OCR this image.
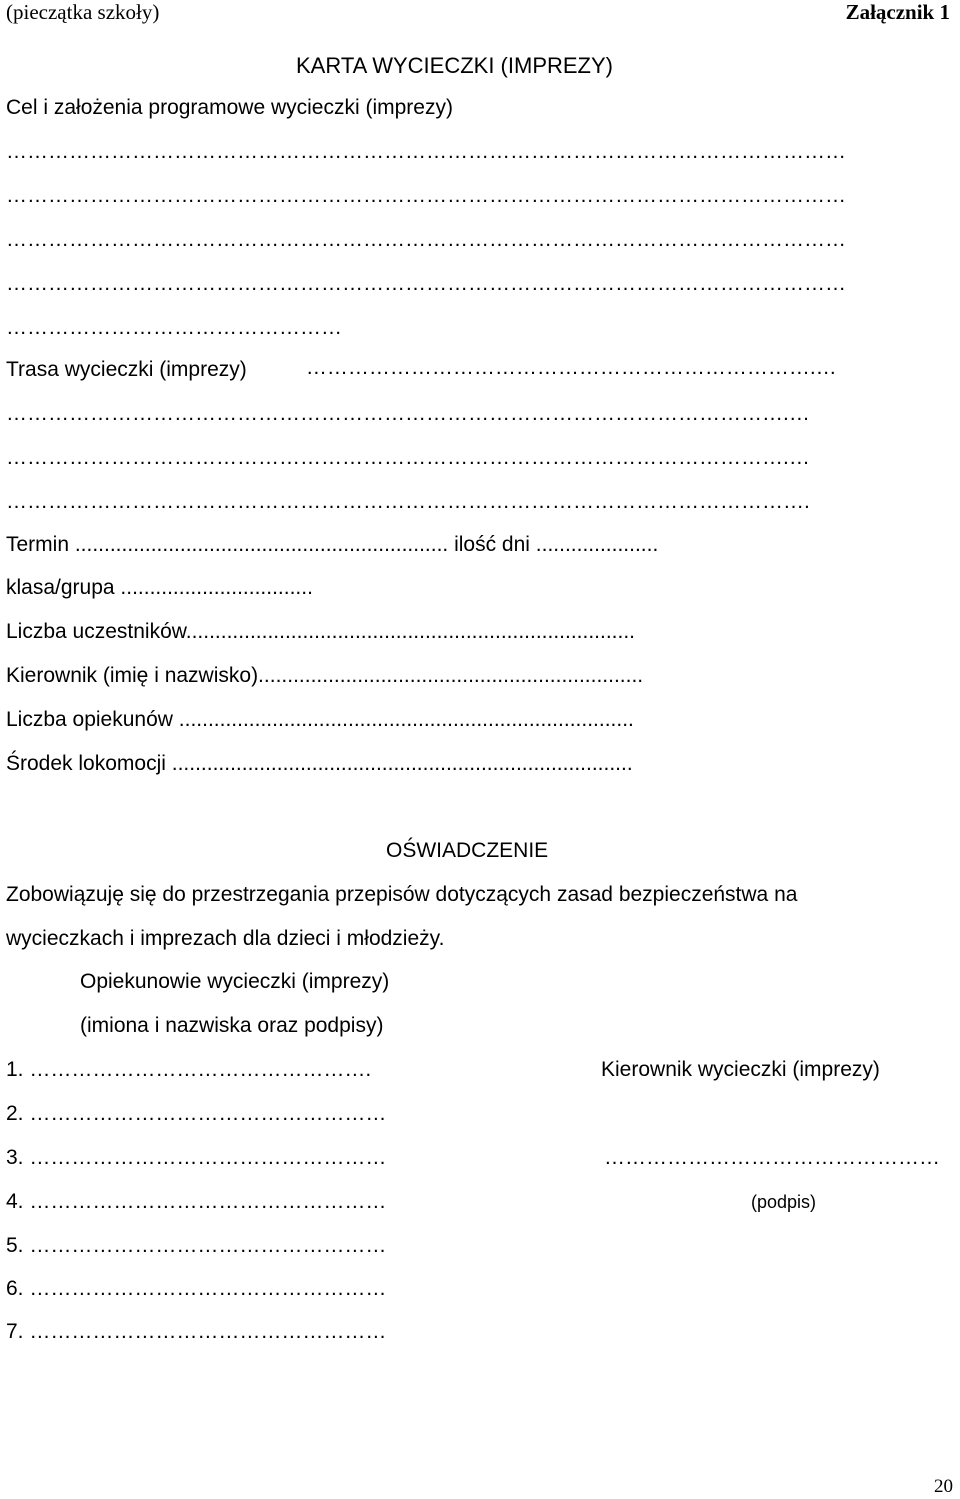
(pieczątka szkoły)	Załącznik 1
KARTA WYCIECZKI (IMPREZY)
Cel i założenia programowe wycieczki (imprezy)
…………………………………………………………………………………………………………
…………………………………………………………………………………………………………
…………………………………………………………………………………………………………
…………………………………………………………………………………………………………
…………………………………………
Trasa wycieczki (imprezy)	……………………………………………………………….…
………………………………………………………………………………………………….…
………………………………………………………………………………………………….…
…………………………………………………………………………………………………….
Termin ................................................................ ilość dni .....................
klasa/grupa .................................
Liczba uczestników.............................................................................
Kierownik (imię i nazwisko)..................................................................
Liczba opiekunów ..............................................................................
Środek lokomocji ...............................................................................
OŚWIADCZENIE
Zobowiązuję się do przestrzegania przepisów dotyczących zasad bezpieczeństwa na
wycieczkach i imprezach dla dzieci i młodzieży.
Opiekunowie wycieczki (imprezy)
(imiona i nazwiska oraz podpisy)
1. ………………………………………….
2. ……………………………………………
3. ……………………………………………
4. ……………………………………………
5. ……………………………………………
6. ……………………………………………
7. ……………………………………………
Kierownik wycieczki (imprezy)
…………………………………………
(podpis)
20
